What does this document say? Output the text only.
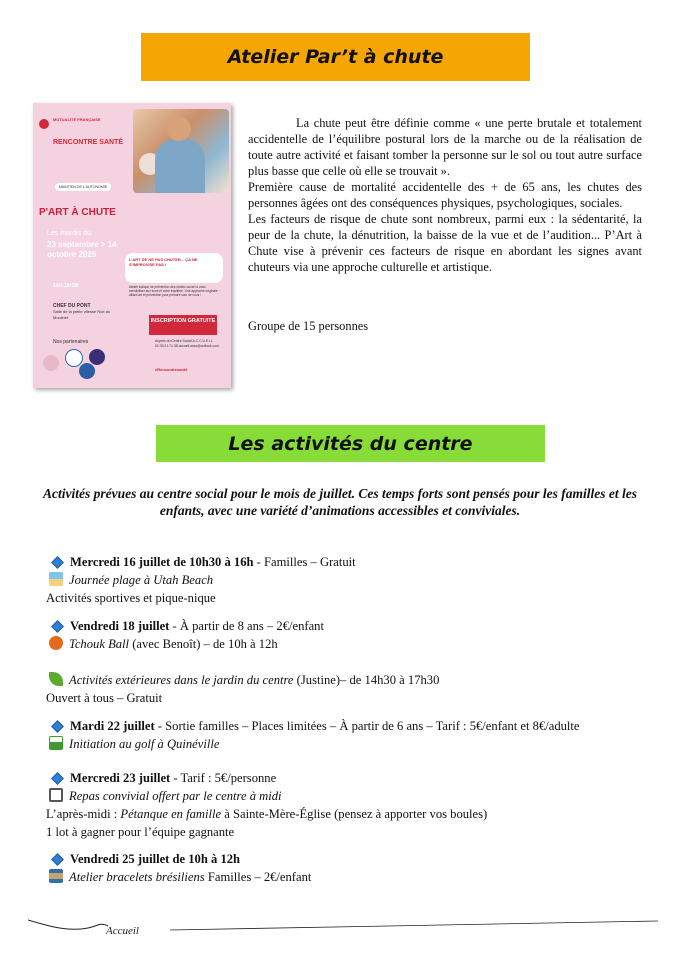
Atelier Par’t à chute
MUTUALITÉ FRANÇAISE
RENCONTRE SANTÉ
MAINTIEN DE L'AUTONOMIE
P'ART À CHUTE
Les mardis du
23 septembre > 14 octobre 2025
14H-16H30
CHEF DU PONT
Salle de la petite vitesse Rue du Moulinet
L'ART DE NE PAS CHUTER... ÇA NE S'IMPROVISE PAS !
Atelier ludique de prévention des chutes ouvert à vous sensibiliser aux sons et votre équilibre. Une approche originale alliant art et prévention pour prendre soin de vous !
INSCRIPTION GRATUITE
Nos partenaires	Auprès du Centre Social A.C.C.U.E.I.L 02.33.21.71.38 accueil.asso@outlook.com
#Rencontresanté

La chute peut être définie comme « une perte brutale et totalement accidentelle de l’équilibre postural lors de la marche ou de la réalisation de toute autre activité et faisant tomber la personne sur le sol ou tout autre surface plus basse que celle où elle se trouvait ».

Première cause de mortalité accidentelle des + de 65 ans, les chutes des personnes âgées ont des conséquences physiques, psychologiques, sociales.

Les facteurs de risque de chute sont nombreux, parmi eux : la sédentarité, la peur de la chute, la dénutrition, la baisse de la vue et de l’audition... P’Art à Chute vise à prévenir ces facteurs de risque en abordant les signes avant chuteurs via une approche culturelle et artistique.

Groupe de 15 personnes
Les activités du centre
Activités prévues au centre social pour le mois de juillet. Ces temps forts sont pensés pour les familles et les enfants, avec une variété d’animations accessibles et conviviales.
Mercredi 16 juillet de 10h30 à 16h - Familles – Gratuit
Journée plage à Utah Beach
Activités sportives et pique-nique
Vendredi 18 juillet - À partir de 8 ans – 2€/enfant
Tchouk Ball (avec Benoît) – de 10h à 12h
Activités extérieures dans le jardin du centre (Justine)– de 14h30 à 17h30
Ouvert à tous – Gratuit
Mardi 22 juillet - Sortie familles – Places limitées – À partir de 6 ans – Tarif : 5€/enfant et 8€/adulte
Initiation au golf à Quinéville
Mercredi 23 juillet - Tarif : 5€/personne
Repas convivial offert par le centre à midi
L’après-midi : Pétanque en famille à Sainte-Mère-Église (pensez à apporter vos boules)
1 lot à gagner pour l’équipe gagnante
Vendredi 25 juillet de 10h à 12h
Atelier bracelets brésiliens Familles – 2€/enfant
Accueil
